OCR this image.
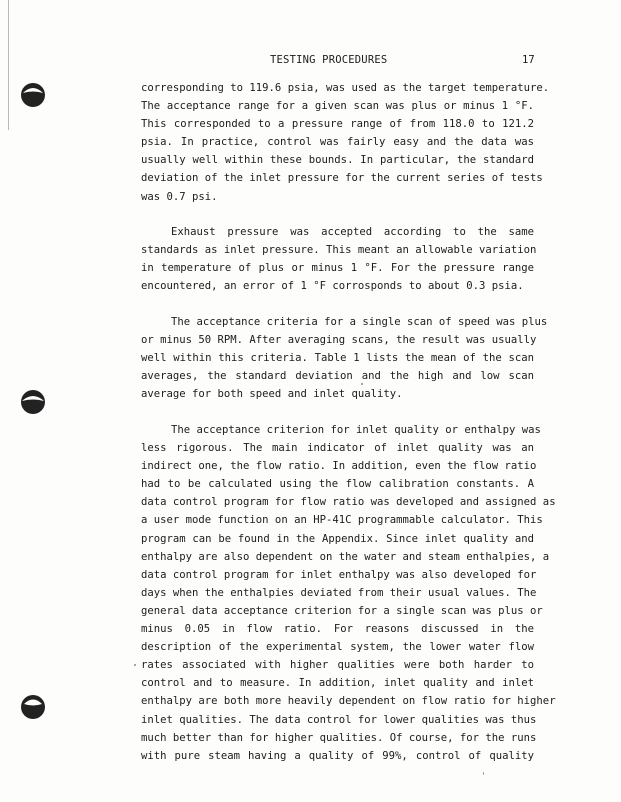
TESTING PROCEDURES	17

corresponding to 119.6 psia, was used as the target temperature.
The acceptance range for a given scan was plus or minus 1 °F.
This corresponded to a pressure range of from 118.0 to 121.2
psia. In practice, control was fairly easy and the data was
usually well within these bounds. In particular, the standard
deviation of the inlet pressure for the current series of tests
was 0.7 psi.

Exhaust pressure was accepted according to the same
standards as inlet pressure. This meant an allowable variation
in temperature of plus or minus 1 °F. For the pressure range
encountered, an error of 1 °F corrosponds to about 0.3 psia.

The acceptance criteria for a single scan of speed was plus
or minus 50 RPM. After averaging scans, the result was usually
well within this criteria. Table 1 lists the mean of the scan
averages, the standard deviation and the high and low scan
average for both speed and inlet quality.

The acceptance criterion for inlet quality or enthalpy was
less rigorous. The main indicator of inlet quality was an
indirect one, the flow ratio. In addition, even the flow ratio
had to be calculated using the flow calibration constants. A
data control program for flow ratio was developed and assigned as
a user mode function on an HP-41C programmable calculator. This
program can be found in the Appendix. Since inlet quality and
enthalpy are also dependent on the water and steam enthalpies, a
data control program for inlet enthalpy was also developed for
days when the enthalpies deviated from their usual values. The
general data acceptance criterion for a single scan was plus or
minus 0.05 in flow ratio. For reasons discussed in the
description of the experimental system, the lower water flow
rates associated with higher qualities were both harder to
control and to measure. In addition, inlet quality and inlet
enthalpy are both more heavily dependent on flow ratio for higher
inlet qualities. The data control for lower qualities was thus
much better than for higher qualities. Of course, for the runs
with pure steam having a quality of 99%, control of quality
